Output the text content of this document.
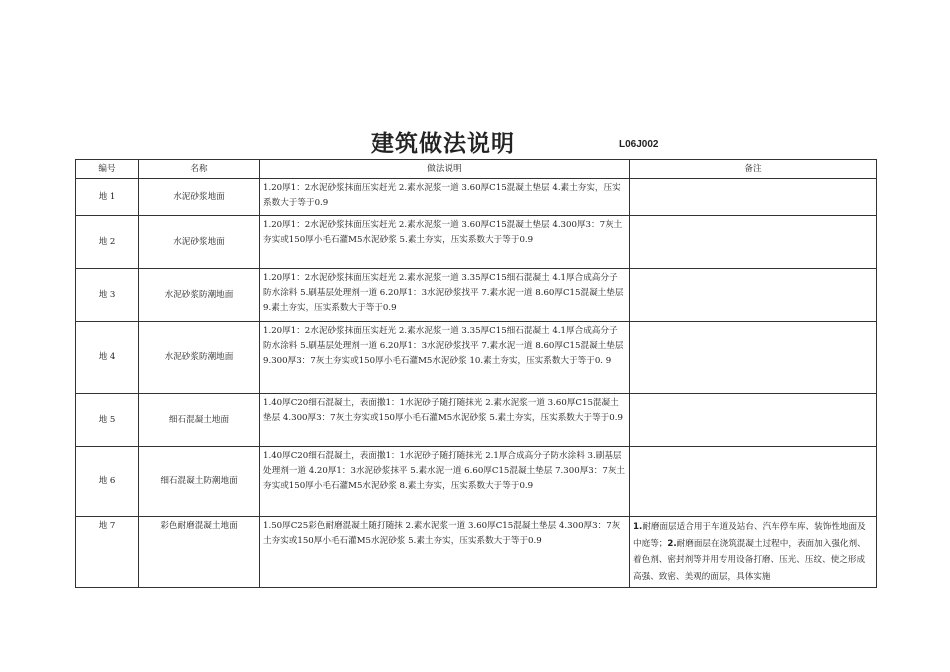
建筑做法说明	L06J002
编号	名称	做法说明	备注
地 1	水泥砂浆地面	1.20厚1：2水泥砂浆抹面压实赶光 2.素水泥浆一道 3.60厚C15混凝土垫层 4.素土夯实，压实系数大于等于0.9	
地 2	水泥砂浆地面	1.20厚1：2水泥砂浆抹面压实赶光 2.素水泥浆一道 3.60厚C15混凝土垫层 4.300厚3：7灰土夯实或150厚小毛石灌M5水泥砂浆 5.素土夯实，压实系数大于等于0.9	
地 3	水泥砂浆防潮地面	1.20厚1：2水泥砂浆抹面压实赶光 2.素水泥浆一道 3.35厚C15细石混凝土 4.1厚合成高分子防水涂料 5.刷基层处理剂一道 6.20厚1：3水泥砂浆找平 7.素水泥一道 8.60厚C15混凝土垫层 9.素土夯实，压实系数大于等于0.9	
地 4	水泥砂浆防潮地面	1.20厚1：2水泥砂浆抹面压实赶光 2.素水泥浆一道 3.35厚C15细石混凝土 4.1厚合成高分子防水涂料 5.刷基层处理剂一道 6.20厚1：3水泥砂浆找平 7.素水泥一道 8.60厚C15混凝土垫层 9.300厚3：7灰土夯实或150厚小毛石灌M5水泥砂浆 10.素土夯实，压实系数大于等于0. 9	
地 5	细石混凝土地面	1.40厚C20细石混凝土，表面撒1：1水泥砂子随打随抹光 2.素水泥浆一道 3.60厚C15混凝土垫层 4.300厚3：7灰土夯实或150厚小毛石灌M5水泥砂浆 5.素土夯实，压实系数大于等于0.9	
地 6	细石混凝土防潮地面	1.40厚C20细石混凝土，表面撒1：1水泥砂子随打随抹光 2.1厚合成高分子防水涂料 3.刷基层处理剂一道 4.20厚1：3水泥砂浆抹平 5.素水泥一道 6.60厚C15混凝土垫层 7.300厚3：7灰土夯实或150厚小毛石灌M5水泥砂浆 8.素土夯实，压实系数大于等于0.9	
地 7	彩色耐磨混凝土地面	1.50厚C25彩色耐磨混凝土随打随抹 2.素水泥浆一道 3.60厚C15混凝土垫层 4.300厚3：7灰土夯实或150厚小毛石灌M5水泥砂浆 5.素土夯实，压实系数大于等于0.9	1.耐磨面层适合用于车道及站台、汽车停车库、装饰性地面及中庭等；2.耐磨面层在浇筑混凝土过程中，表面加入强化剂、着色剂、密封剂等并用专用设备打磨、压光、压纹、使之形成高强、致密、美观的面层，具体实施
